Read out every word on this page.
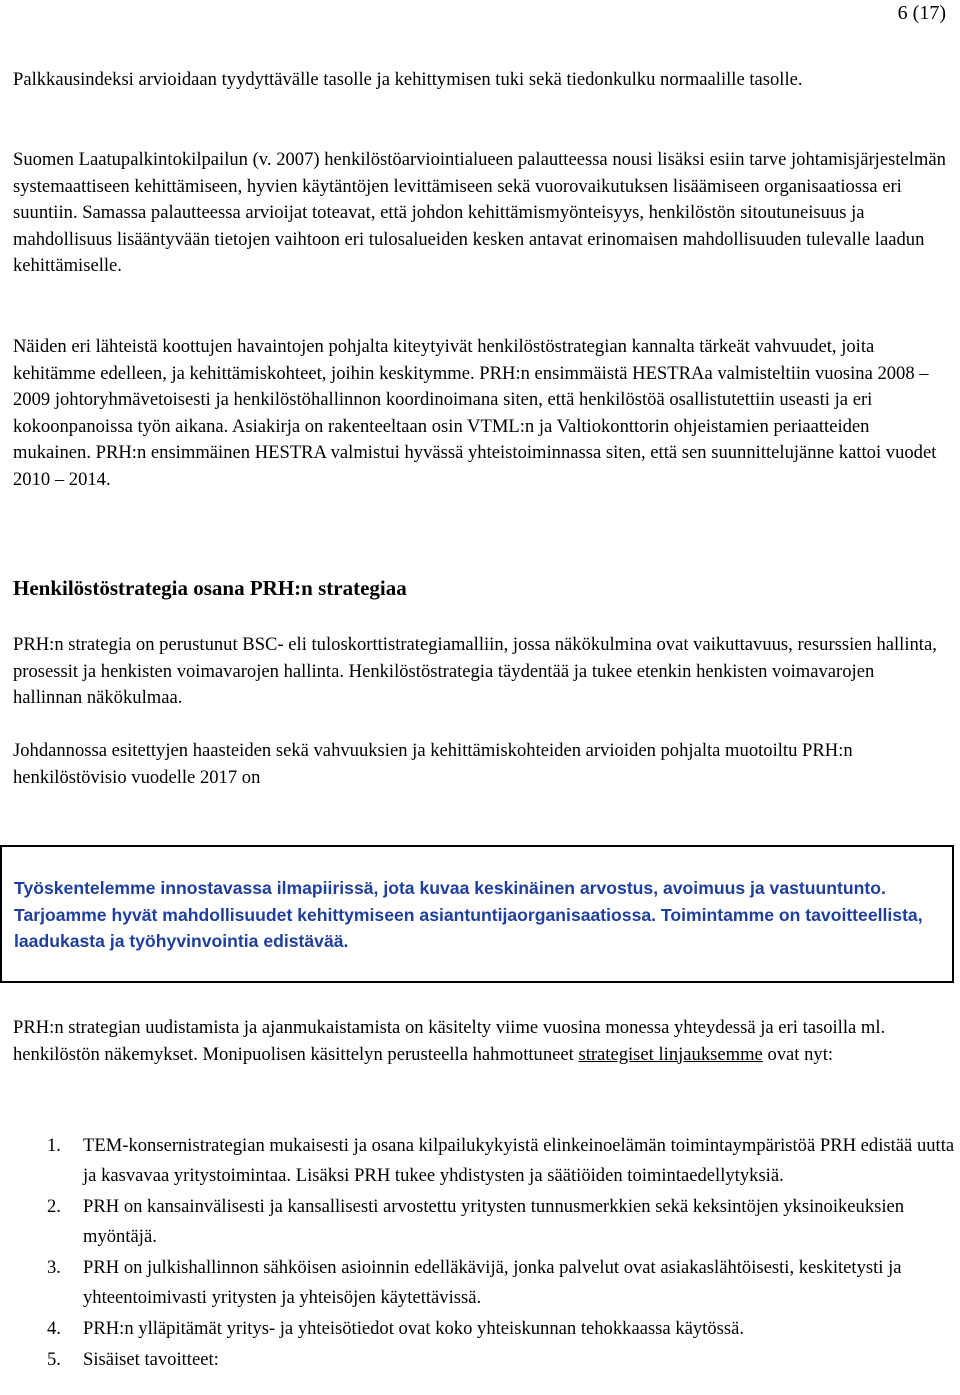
6 (17)

Palkkausindeksi arvioidaan tyydyttävälle tasolle ja kehittymisen tuki sekä tiedonkulku normaalille tasolle.

Suomen Laatupalkintokilpailun (v. 2007) henkilöstöarviointialueen palautteessa nousi lisäksi esiin tarve johtamisjärjestelmän systemaattiseen kehittämiseen, hyvien käytäntöjen levittämiseen sekä vuorovaikutuksen lisäämiseen organisaatiossa eri suuntiin. Samassa palautteessa arvioijat toteavat, että johdon kehittämismyönteisyys, henkilöstön sitoutuneisuus ja mahdollisuus lisääntyvään tietojen vaihtoon eri tulosalueiden kesken antavat erinomaisen mahdollisuuden tulevalle laadun kehittämiselle.

Näiden eri lähteistä koottujen havaintojen pohjalta kiteytyivät henkilöstöstrategian kannalta tärkeät vahvuudet, joita kehitämme edelleen, ja kehittämiskohteet, joihin keskitymme. PRH:n ensimmäistä HESTRAa valmisteltiin vuosina 2008 – 2009 johtoryhmävetoisesti ja henkilöstöhallinnon koordinoimana siten, että henkilöstöä osallistutettiin useasti ja eri kokoonpanoissa työn aikana. Asiakirja on rakenteeltaan osin VTML:n ja Valtiokonttorin ohjeistamien periaatteiden mukainen. PRH:n ensimmäinen HESTRA valmistui hyvässä yhteistoiminnassa siten, että sen suunnittelujänne kattoi vuodet 2010 – 2014.

Henkilöstöstrategia osana PRH:n strategiaa

PRH:n strategia on perustunut BSC- eli tuloskorttistrategiamalliin, jossa näkökulmina ovat vaikuttavuus, resurssien hallinta, prosessit ja henkisten voimavarojen hallinta. Henkilöstöstrategia täydentää ja tukee etenkin henkisten voimavarojen hallinnan näkökulmaa.

Johdannossa esitettyjen haasteiden sekä vahvuuksien ja kehittämiskohteiden arvioiden pohjalta muotoiltu PRH:n henkilöstövisio vuodelle 2017 on

Työskentelemme innostavassa ilmapiirissä, jota kuvaa keskinäinen arvostus, avoimuus ja vastuuntunto. Tarjoamme hyvät mahdollisuudet kehittymiseen asiantuntijaorganisaatiossa. Toimintamme on tavoitteellista, laadukasta ja työhyvinvointia edistävää.

PRH:n strategian uudistamista ja ajanmukaistamista on käsitelty viime vuosina monessa yhteydessä ja eri tasoilla ml. henkilöstön näkemykset. Monipuolisen käsittelyn perusteella hahmottuneet strategiset linjauksemme ovat nyt:

1. TEM-konsernistrategian mukaisesti ja osana kilpailukykyistä elinkeinoelämän toimintaympäristöä PRH edistää uutta ja kasvavaa yritystoimintaa. Lisäksi PRH tukee yhdistysten ja säätiöiden toimintaedellytyksiä.
2. PRH on kansainvälisesti ja kansallisesti arvostettu yritysten tunnusmerkkien sekä keksintöjen yksinoikeuksien myöntäjä.
3. PRH on julkishallinnon sähköisen asioinnin edelläkävijä, jonka palvelut ovat asiakaslähtöisesti, keskitetysti ja yhteentoimivasti yritysten ja yhteisöjen käytettävissä.
4. PRH:n ylläpitämät yritys- ja yhteisötiedot ovat koko yhteiskunnan tehokkaassa käytössä.
5. Sisäiset tavoitteet:
